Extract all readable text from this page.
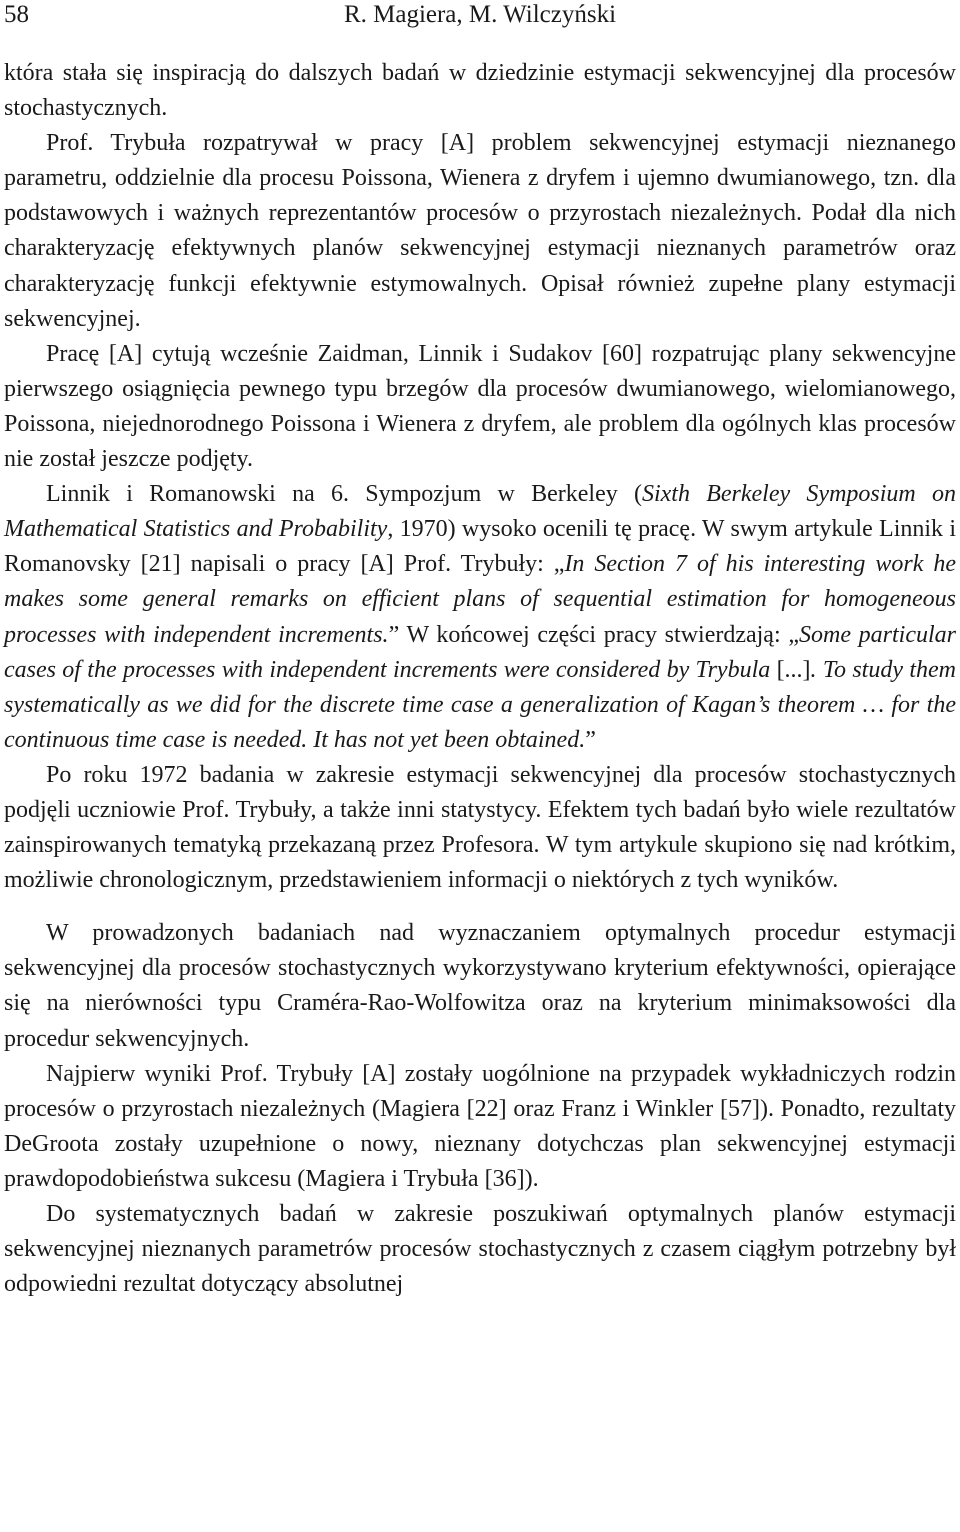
58	R. Magiera, M. Wilczyński

która stała się inspiracją do dalszych badań w dziedzinie estymacji sekwencyjnej dla procesów stochastycznych.

Prof. Trybuła rozpatrywał w pracy [A] problem sekwencyjnej estymacji nieznanego parametru, oddzielnie dla procesu Poissona, Wienera z dryfem i ujemno dwumianowego, tzn. dla podstawowych i ważnych reprezentantów procesów o przyrostach niezależnych. Podał dla nich charakteryzację efektywnych planów sekwencyjnej estymacji nieznanych parametrów oraz charakteryzację funkcji efektywnie estymowalnych. Opisał również zupełne plany estymacji sekwencyjnej.

Pracę [A] cytują wcześnie Zaidman, Linnik i Sudakov [60] rozpatrując plany sekwencyjne pierwszego osiągnięcia pewnego typu brzegów dla procesów dwumianowego, wielomianowego, Poissona, niejednorodnego Poissona i Wienera z dryfem, ale problem dla ogólnych klas procesów nie został jeszcze podjęty.

Linnik i Romanowski na 6. Sympozjum w Berkeley (Sixth Berkeley Symposium on Mathematical Statistics and Probability, 1970) wysoko ocenili tę pracę. W swym artykule Linnik i Romanovsky [21] napisali o pracy [A] Prof. Trybuły: „In Section 7 of his interesting work he makes some general remarks on efficient plans of sequential estimation for homogeneous processes with independent increments.” W końcowej części pracy stwierdzają: „Some particular cases of the processes with independent increments were considered by Trybula [...]. To study them systematically as we did for the discrete time case a generalization of Kagan’s theorem … for the continuous time case is needed. It has not yet been obtained.”

Po roku 1972 badania w zakresie estymacji sekwencyjnej dla procesów stochastycznych podjęli uczniowie Prof. Trybuły, a także inni statystycy. Efektem tych badań było wiele rezultatów zainspirowanych tematyką przekazaną przez Profesora. W tym artykule skupiono się nad krótkim, możliwie chronologicznym, przedstawieniem informacji o niektórych z tych wyników.

W prowadzonych badaniach nad wyznaczaniem optymalnych procedur estymacji sekwencyjnej dla procesów stochastycznych wykorzystywano kryterium efektywności, opierające się na nierówności typu Craméra-Rao-Wolfowitza oraz na kryterium minimaksowości dla procedur sekwencyjnych.

Najpierw wyniki Prof. Trybuły [A] zostały uogólnione na przypadek wykładniczych rodzin procesów o przyrostach niezależnych (Magiera [22] oraz Franz i Winkler [57]). Ponadto, rezultaty DeGroota zostały uzupełnione o nowy, nieznany dotychczas plan sekwencyjnej estymacji prawdopodobieństwa sukcesu (Magiera i Trybuła [36]).

Do systematycznych badań w zakresie poszukiwań optymalnych planów estymacji sekwencyjnej nieznanych parametrów procesów stochastycznych z czasem ciągłym potrzebny był odpowiedni rezultat dotyczący absolutnej
